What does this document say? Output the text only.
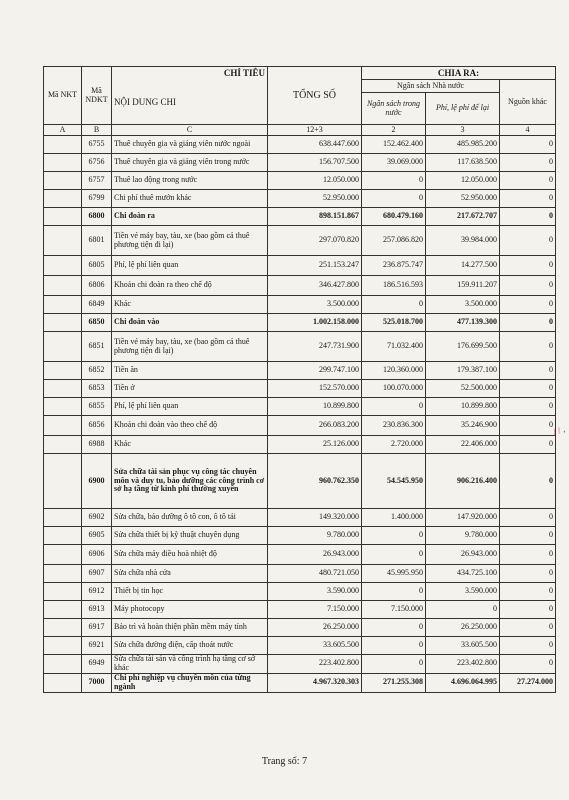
Mã NKT	Mã NDKT	CHỈ TIÊU	TỔNG SỐ	CHIA RA:		
		NỘI DUNG CHI		Ngân sách Nhà nước		Nguồn khác
				Ngân sách trong nước	Phí, lệ phí để lại	
A	B	C	12+3	2	3	4
	6755	Thuê chuyên gia và giảng viên nước ngoài	638.447.600	152.462.400	485.985.200	0
	6756	Thuê chuyên gia và giảng viên trong nước	156.707.500	39.069.000	117.638.500	0
	6757	Thuê lao động trong nước	12.050.000	0	12.050.000	0
	6799	Chi phí thuê mướn khác	52.950.000	0	52.950.000	0
	6800	Chi đoàn ra	898.151.867	680.479.160	217.672.707	0
	6801	Tiền vé máy bay, tàu, xe (bao gồm cả thuê phương tiện đi lại)	297.070.820	257.086.820	39.984.000	0
	6805	Phí, lệ phí liên quan	251.153.247	236.875.747	14.277.500	0
	6806	Khoản chi đoàn ra theo chế độ	346.427.800	186.516.593	159.911.207	0
	6849	Khác	3.500.000	0	3.500.000	0
	6850	Chi đoàn vào	1.002.158.000	525.018.700	477.139.300	0
	6851	Tiền vé máy bay, tàu, xe (bao gồm cả thuê phương tiện đi lại)	247.731.900	71.032.400	176.699.500	0
	6852	Tiền ăn	299.747.100	120.360.000	179.387.100	0
	6853	Tiền ở	152.570.000	100.070.000	52.500.000	0
	6855	Phí, lệ phí liên quan	10.899.800	0	10.899.800	0
	6856	Khoản chi đoàn vào theo chế độ	266.083.200	230.836.300	35.246.900	0
	6988	Khác	25.126.000	2.720.000	22.406.000	0
	6900	Sửa chữa tài sản phục vụ công tác chuyên môn và duy tu, bảo dưỡng các công trình cơ sở hạ tầng từ kinh phí thường xuyên	960.762.350	54.545.950	906.216.400	0
	6902	Sửa chữa, bảo dưỡng ô tô con, ô tô tải	149.320.000	1.400.000	147.920.000	0
	6905	Sửa chữa thiết bị kỹ thuật chuyên dụng	9.780.000	0	9.780.000	0
	6906	Sửa chữa máy điều hoà nhiệt độ	26.943.000	0	26.943.000	0
	6907	Sửa chữa nhà cửa	480.721.050	45.995.950	434.725.100	0
	6912	Thiết bị tin học	3.590.000	0	3.590.000	0
	6913	Máy photocopy	7.150.000	7.150.000	0	0
	6917	Bảo trì và hoàn thiện phần mềm máy tính	26.250.000	0	26.250.000	0
	6921	Sửa chữa đường điện, cấp thoát nước	33.605.500	0	33.605.500	0
	6949	Sửa chữa tài sản và công trình hạ tầng cơ sở khác	223.402.800	0	223.402.800	0
	7000	Chi phí nghiệp vụ chuyên môn của từng ngành	4.967.320.303	271.255.308	4.696.064.995	27.274.000
/ / ,
Trang số: 7
